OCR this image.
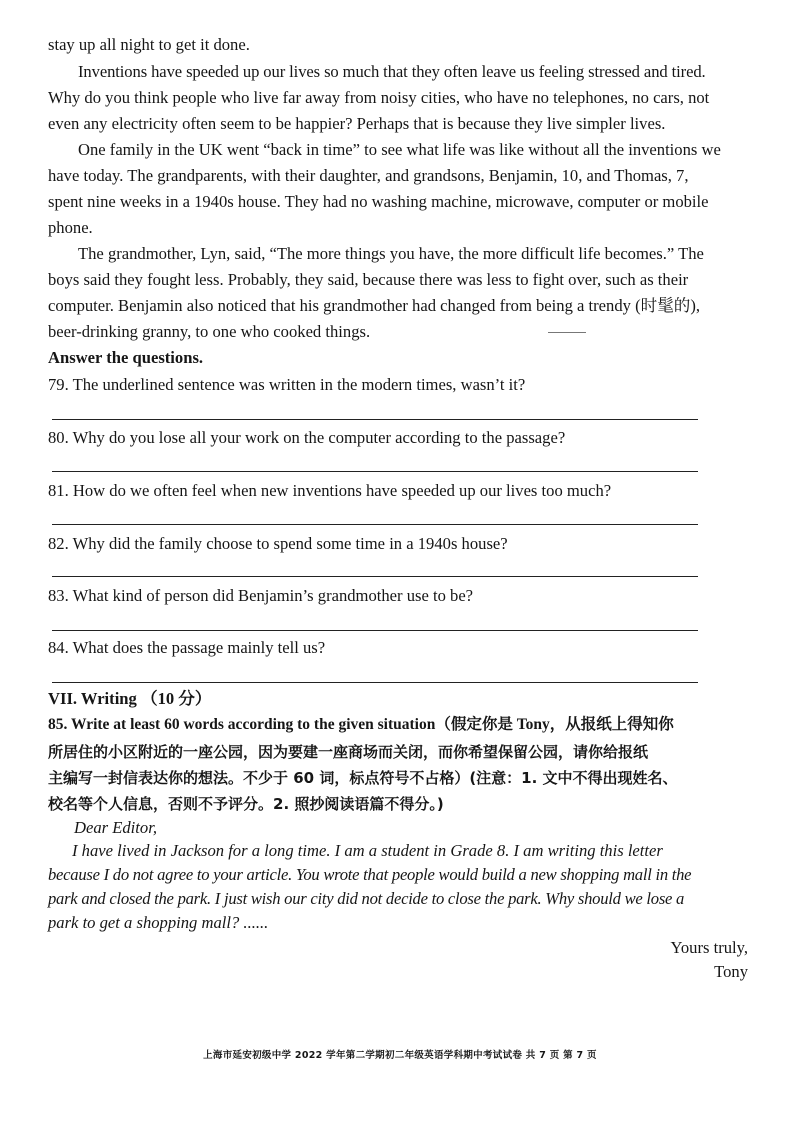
stay up all night to get it done.
Inventions have speeded up our lives so much that they often leave us feeling stressed and tired.
Why do you think people who live far away from noisy cities, who have no telephones, no cars, not
even any electricity often seem to be happier? Perhaps that is because they live simpler lives.
One family in the UK went “back in time” to see what life was like without all the inventions we
have today. The grandparents, with their daughter, and grandsons, Benjamin, 10, and Thomas, 7,
spent nine weeks in a 1940s house. They had no washing machine, microwave, computer or mobile
phone.
The grandmother, Lyn, said, “The more things you have, the more difficult life becomes.” The
boys said they fought less. Probably, they said, because there was less to fight over, such as their
computer. Benjamin also noticed that his grandmother had changed from being a trendy (时髦的),
beer-drinking granny, to one who cooked things.
Answer the questions.
79. The underlined sentence was written in the modern times, wasn’t it?
80. Why do you lose all your work on the computer according to the passage?
81. How do we often feel when new inventions have speeded up our lives too much?
82. Why did the family choose to spend some time in a 1940s house?
83. What kind of person did Benjamin’s grandmother use to be?
84. What does the passage mainly tell us?
VII. Writing （10 分）
85. Write at least 60 words according to the given situation（假定你是 Tony，从报纸上得知你
所居住的小区附近的一座公园，因为要建一座商场而关闭，而你希望保留公园，请你给报纸
主编写一封信表达你的想法。不少于 60 词，标点符号不占格）(注意：1. 文中不得出现姓名、
校名等个人信息，否则不予评分。2. 照抄阅读语篇不得分。)
Dear Editor,
I have lived in Jackson for a long time. I am a student in Grade 8. I am writing this letter
because I do not agree to your article. You wrote that people would build a new shopping mall in the
park and closed the park. I just wish our city did not decide to close the park. Why should we lose a
park to get a shopping mall? ......
Yours truly,
Tony
上海市延安初级中学 2022 学年第二学期初二年级英语学科期中考试试卷 共 7 页 第 7 页
